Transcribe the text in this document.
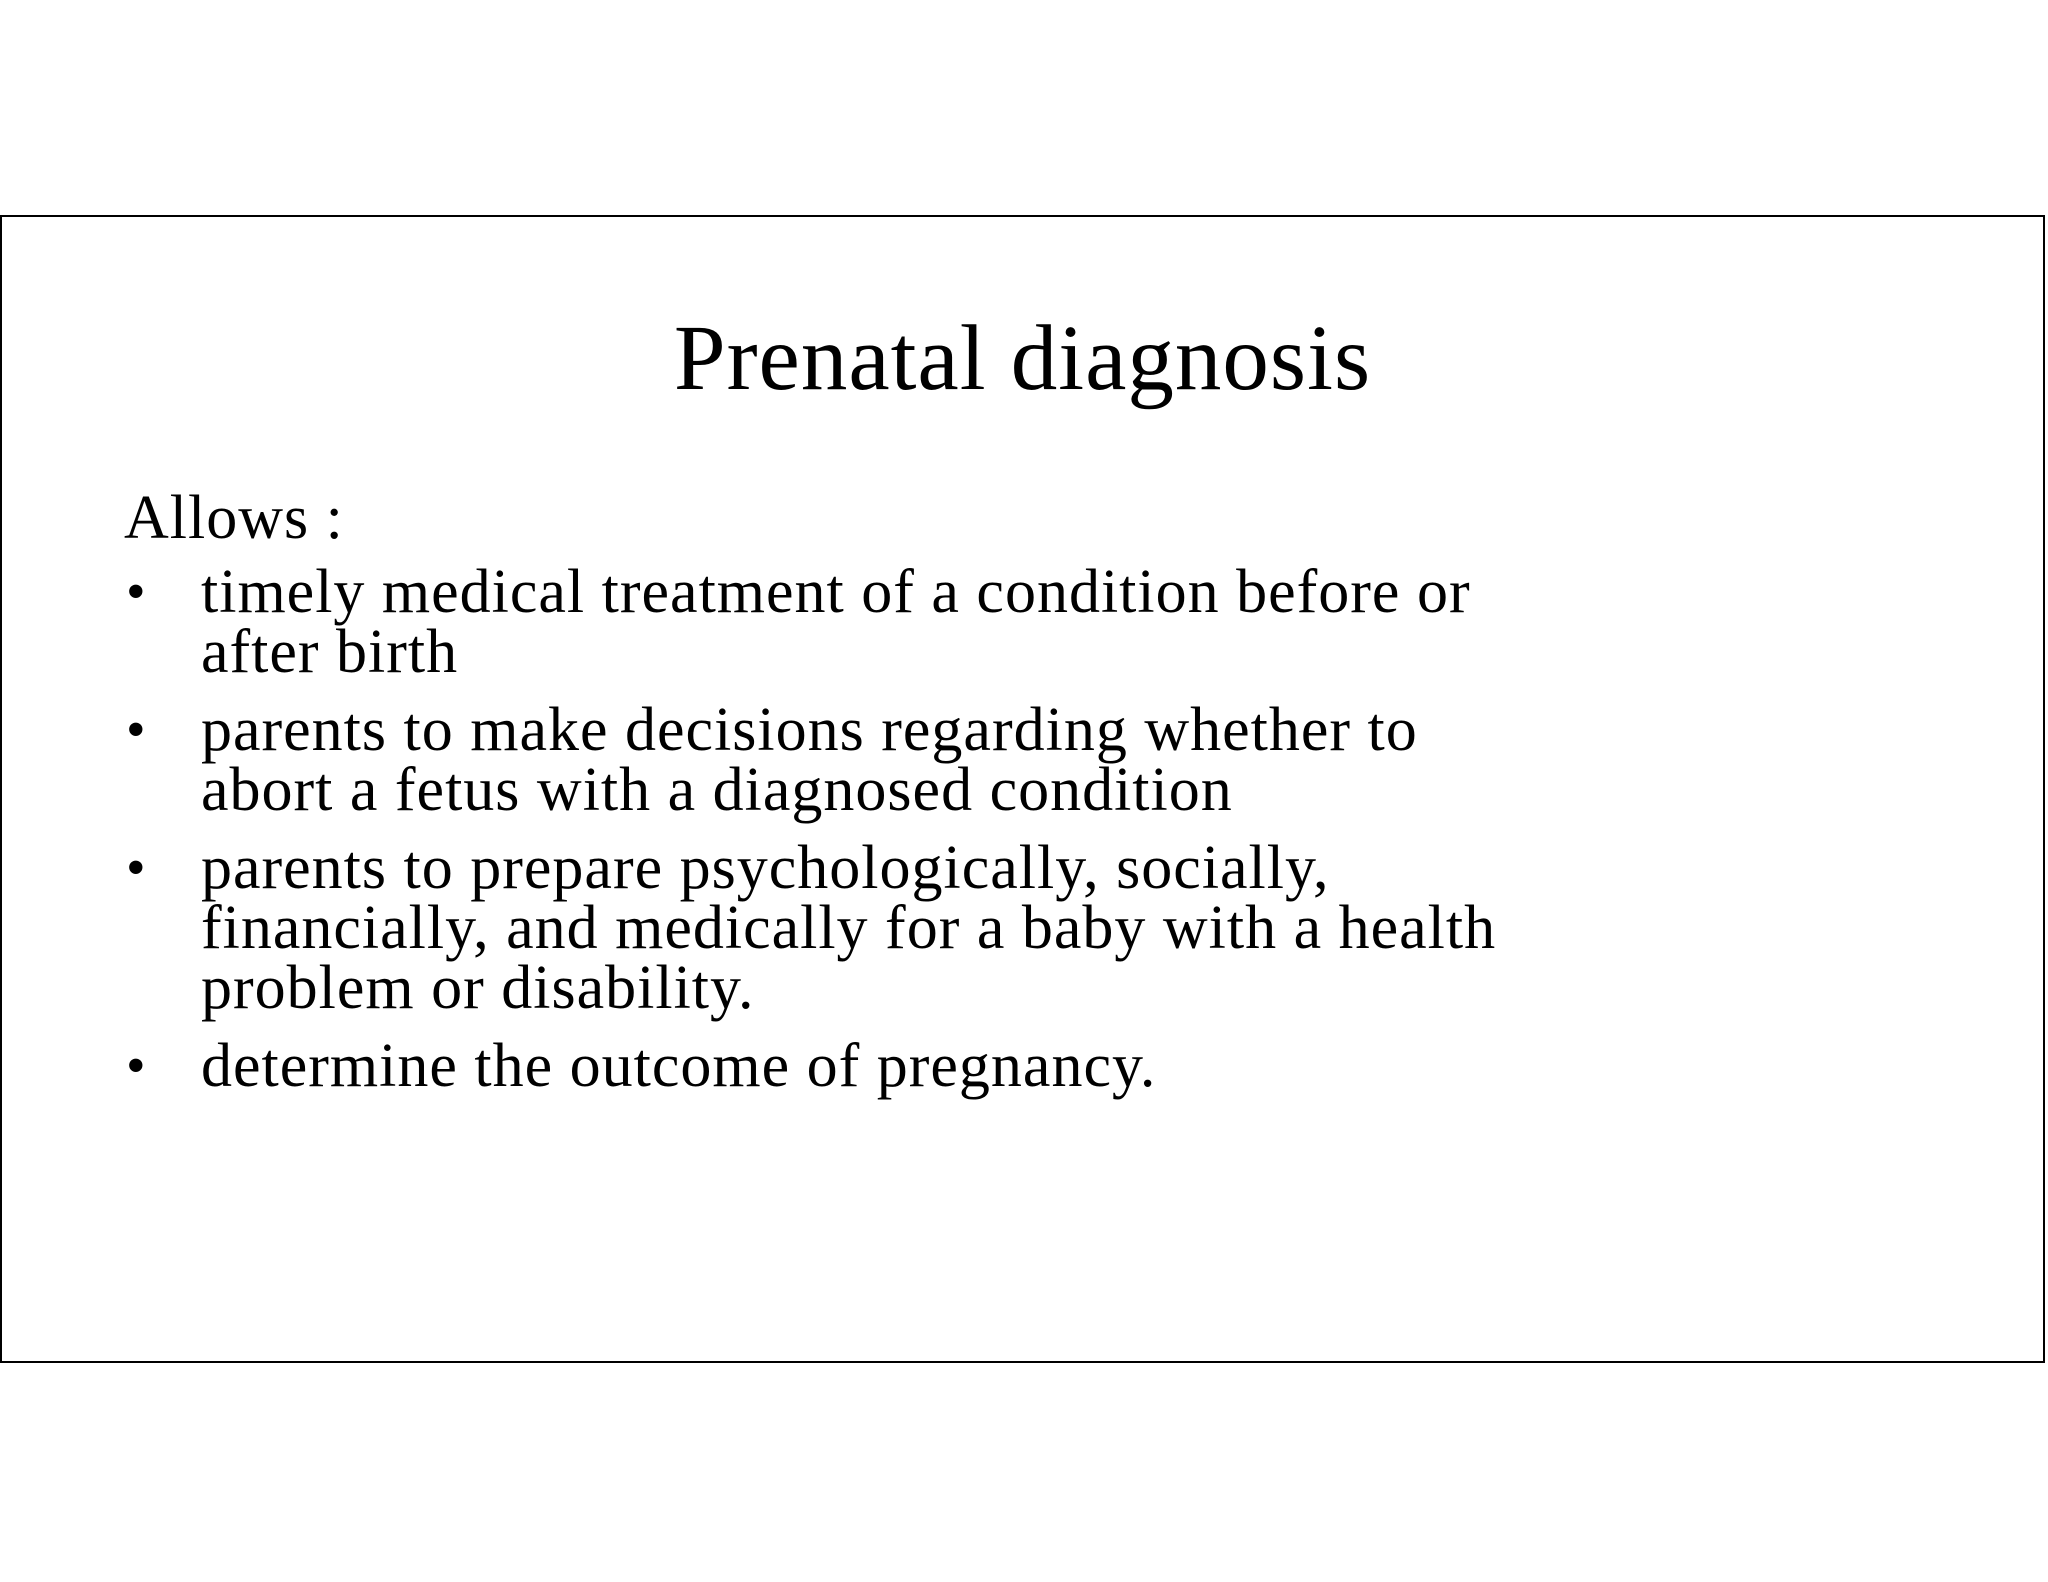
Prenatal diagnosis
Allows :
• timely medical treatment of a condition before or
after birth
• parents to make decisions regarding whether to
abort a fetus with a diagnosed condition
• parents to prepare psychologically, socially,
financially, and medically for a baby with a health
problem or disability.
• determine the outcome of pregnancy.
